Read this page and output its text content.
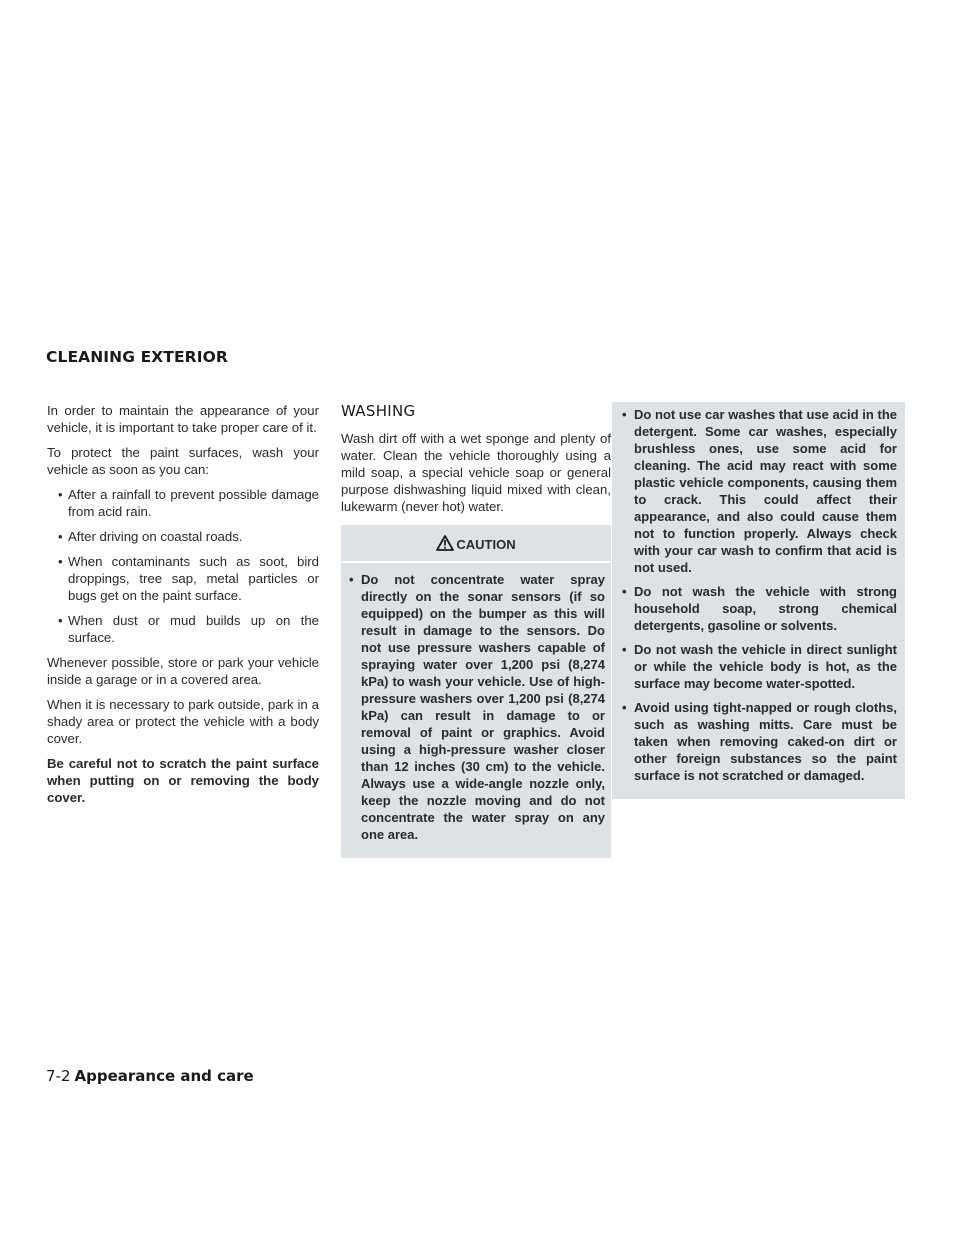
CLEANING EXTERIOR

In order to maintain the appearance of your vehicle, it is important to take proper care of it.

To protect the paint surfaces, wash your vehicle as soon as you can:

• After a rainfall to prevent possible damage from acid rain.
• After driving on coastal roads.
• When contaminants such as soot, bird droppings, tree sap, metal particles or bugs get on the paint surface.
• When dust or mud builds up on the surface.

Whenever possible, store or park your vehicle inside a garage or in a covered area.

When it is necessary to park outside, park in a shady area or protect the vehicle with a body cover.

Be careful not to scratch the paint surface when putting on or removing the body cover.

WASHING

Wash dirt off with a wet sponge and plenty of water. Clean the vehicle thoroughly using a mild soap, a special vehicle soap or general purpose dishwashing liquid mixed with clean, lukewarm (never hot) water.

CAUTION
• Do not concentrate water spray directly on the sonar sensors (if so equipped) on the bumper as this will result in damage to the sensors. Do not use pressure washers capable of spraying water over 1,200 psi (8,274 kPa) to wash your vehicle. Use of high-pressure washers over 1,200 psi (8,274 kPa) can result in damage to or removal of paint or graphics. Avoid using a high-pressure washer closer than 12 inches (30 cm) to the vehicle. Always use a wide-angle nozzle only, keep the nozzle moving and do not concentrate the water spray on any one area.
• Do not use car washes that use acid in the detergent. Some car washes, especially brushless ones, use some acid for cleaning. The acid may react with some plastic vehicle components, causing them to crack. This could affect their appearance, and also could cause them not to function properly. Always check with your car wash to confirm that acid is not used.
• Do not wash the vehicle with strong household soap, strong chemical detergents, gasoline or solvents.
• Do not wash the vehicle in direct sunlight or while the vehicle body is hot, as the surface may become water-spotted.
• Avoid using tight-napped or rough cloths, such as washing mitts. Care must be taken when removing caked-on dirt or other foreign substances so the paint surface is not scratched or damaged.
7-2 Appearance and care
